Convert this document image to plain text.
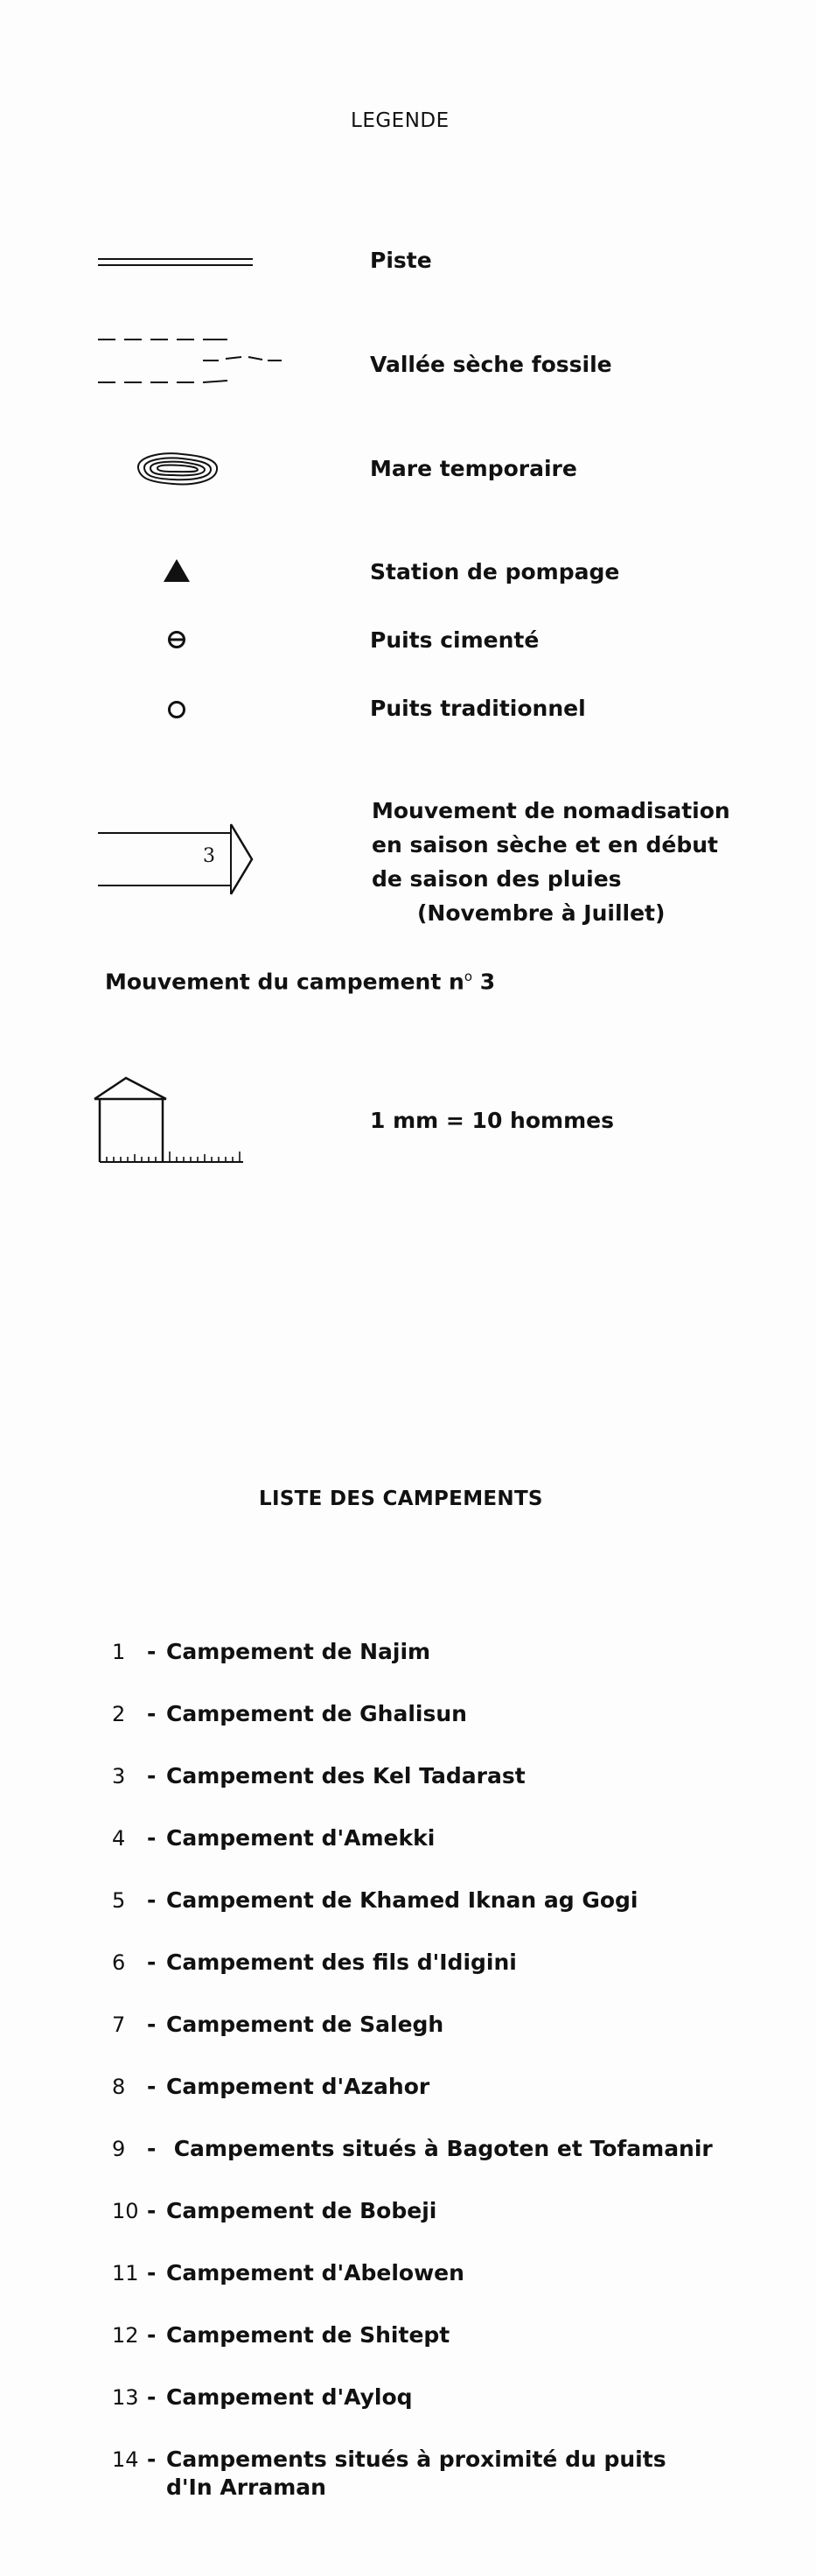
LEGENDE
Piste
Vallée sèche fossile
Mare temporaire
Station de pompage
Puits cimenté
Puits traditionnel
3
Mouvement de nomadisation
en saison sèche et en début
de saison des pluies
(Novembre à Juillet)
Mouvement du campement $n^o$ 3
1 mm = 10 hommes
LISTE DES CAMPEMENTS
1 - Campement de Najim
2 - Campement de Ghalisun
3 - Campement des Kel Tadarast
4 - Campement d'Amekki
5 - Campement de Khamed Iknan ag Gogi
6 - Campement des fils d'Idigini
7 - Campement de Salegh
8 - Campement d'Azahor
9 - Campements situés à Bagoten et Tofamanir
10 - Campement de Bobeji
11 - Campement d'Abelowen
12 - Campement de Shitept
13 - Campement d'Ayloq
14 - Campements situés à proximité du puits
d'In Arraman
